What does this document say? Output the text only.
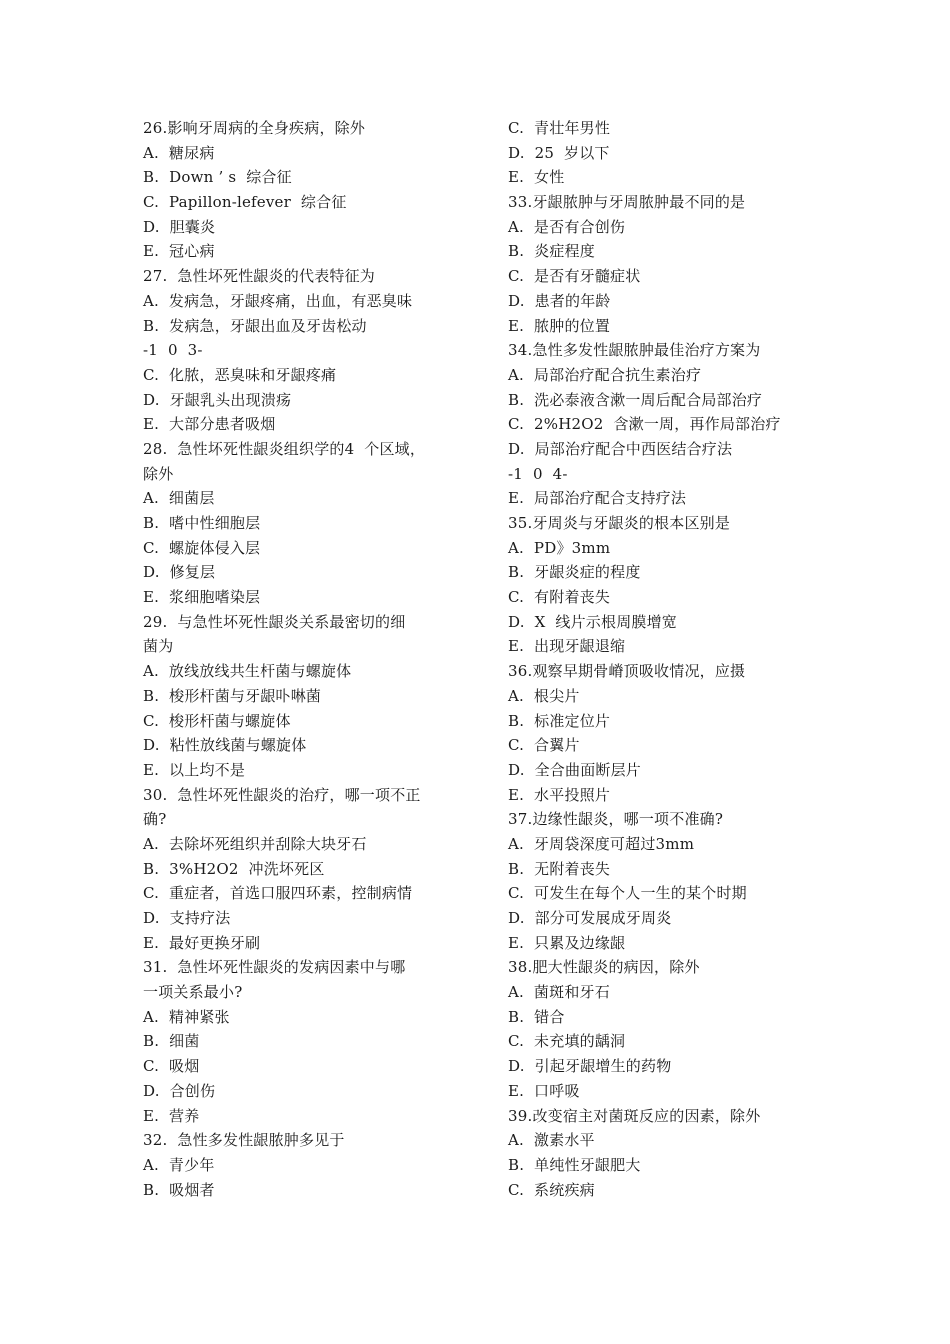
26.影响牙周病的全身疾病，除外
A.  糖尿病
B.  Down ’ s  综合征
C.  Papillon-lefever  综合征
D.  胆囊炎
E.  冠心病
27.  急性坏死性龈炎的代表特征为
A.  发病急，牙龈疼痛，出血，有恶臭味
B.  发病急，牙龈出血及牙齿松动
-1  0  3-
C.  化脓，恶臭味和牙龈疼痛
D.  牙龈乳头出现溃疡
E.  大部分患者吸烟
28.  急性坏死性龈炎组织学的4  个区域，
除外
A.  细菌层
B.  嗜中性细胞层
C.  螺旋体侵入层
D.  修复层
E.  浆细胞嗜染层
29.  与急性坏死性龈炎关系最密切的细
菌为
A.  放线放线共生杆菌与螺旋体
B.  梭形杆菌与牙龈卟啉菌
C.  梭形杆菌与螺旋体
D.  粘性放线菌与螺旋体
E.  以上均不是
30.  急性坏死性龈炎的治疗，哪一项不正
确?
A.  去除坏死组织并刮除大块牙石
B.  3%H2O2  冲洗坏死区
C.  重症者，首选口服四环素，控制病情
D.  支持疗法
E.  最好更换牙刷
31.  急性坏死性龈炎的发病因素中与哪
一项关系最小?
A.  精神紧张
B.  细菌
C.  吸烟
D.  合创伤
E.  营养
32.  急性多发性龈脓肿多见于
A.  青少年
B.  吸烟者
C.  青壮年男性
D.  25  岁以下
E.  女性
33.牙龈脓肿与牙周脓肿最不同的是
A.  是否有合创伤
B.  炎症程度
C.  是否有牙髓症状
D.  患者的年龄
E.  脓肿的位置
34.急性多发性龈脓肿最佳治疗方案为
A.  局部治疗配合抗生素治疗
B.  洗必泰液含漱一周后配合局部治疗
C.  2%H2O2  含漱一周，再作局部治疗
D.  局部治疗配合中西医结合疗法
-1  0  4-
E.  局部治疗配合支持疗法
35.牙周炎与牙龈炎的根本区别是
A.  PD》3mm
B.  牙龈炎症的程度
C.  有附着丧失
D.  X  线片示根周膜增宽
E.  出现牙龈退缩
36.观察早期骨嵴顶吸收情况，应摄
A.  根尖片
B.  标准定位片
C.  合翼片
D.  全合曲面断层片
E.  水平投照片
37.边缘性龈炎，哪一项不准确?
A.  牙周袋深度可超过3mm
B.  无附着丧失
C.  可发生在每个人一生的某个时期
D.  部分可发展成牙周炎
E.  只累及边缘龈
38.肥大性龈炎的病因，除外
A.  菌斑和牙石
B.  错合
C.  未充填的龋洞
D.  引起牙龈增生的药物
E.  口呼吸
39.改变宿主对菌斑反应的因素，除外
A.  激素水平
B.  单纯性牙龈肥大
C.  系统疾病
